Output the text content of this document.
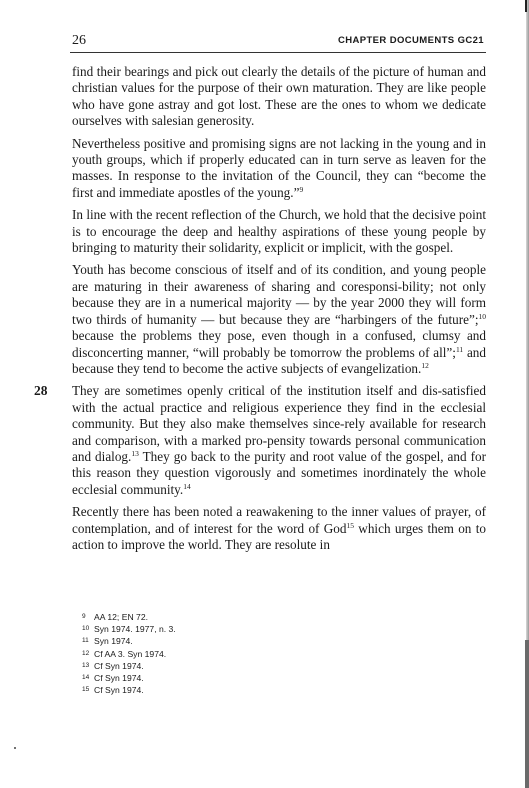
26	CHAPTER DOCUMENTS GC21
28

find their bearings and pick out clearly the details of the picture of human and christian values for the purpose of their own maturation. They are like people who have gone astray and got lost. These are the ones to whom we dedicate ourselves with salesian generosity.

Nevertheless positive and promising signs are not lacking in the young and in youth groups, which if properly educated can in turn serve as leaven for the masses. In response to the invitation of the Council, they can “become the first and immediate apostles of the young.”$^9$

In line with the recent reflection of the Church, we hold that the decisive point is to encourage the deep and healthy aspirations of these young people by bringing to maturity their solidarity, explicit or implicit, with the gospel.

Youth has become conscious of itself and of its condition, and young people are maturing in their awareness of sharing and coresponsi-bility; not only because they are in a numerical majority — by the year 2000 they will form two thirds of humanity — but because they are “harbingers of the future”;$^{10}$ because the problems they pose, even though in a confused, clumsy and disconcerting manner, “will probably be tomorrow the problems of all”;$^{11}$ and because they tend to become the active subjects of evangelization.$^{12}$

They are sometimes openly critical of the institution itself and dis-satisfied with the actual practice and religious experience they find in the ecclesial community. But they also make themselves since-rely available for research and comparison, with a marked pro-pensity towards personal communication and dialog.$^{13}$ They go back to the purity and root value of the gospel, and for this reason they question vigorously and sometimes inordinately the whole ecclesial community.$^{14}$

Recently there has been noted a reawakening to the inner values of prayer, of contemplation, and of interest for the word of God$^{15}$ which urges them on to action to improve the world. They are resolute in

9 AA 12; EN 72.
10 Syn 1974. 1977, n. 3.
11 Syn 1974.
12 Cf AA 3. Syn 1974.
13 Cf Syn 1974.
14 Cf Syn 1974.
15 Cf Syn 1974.
